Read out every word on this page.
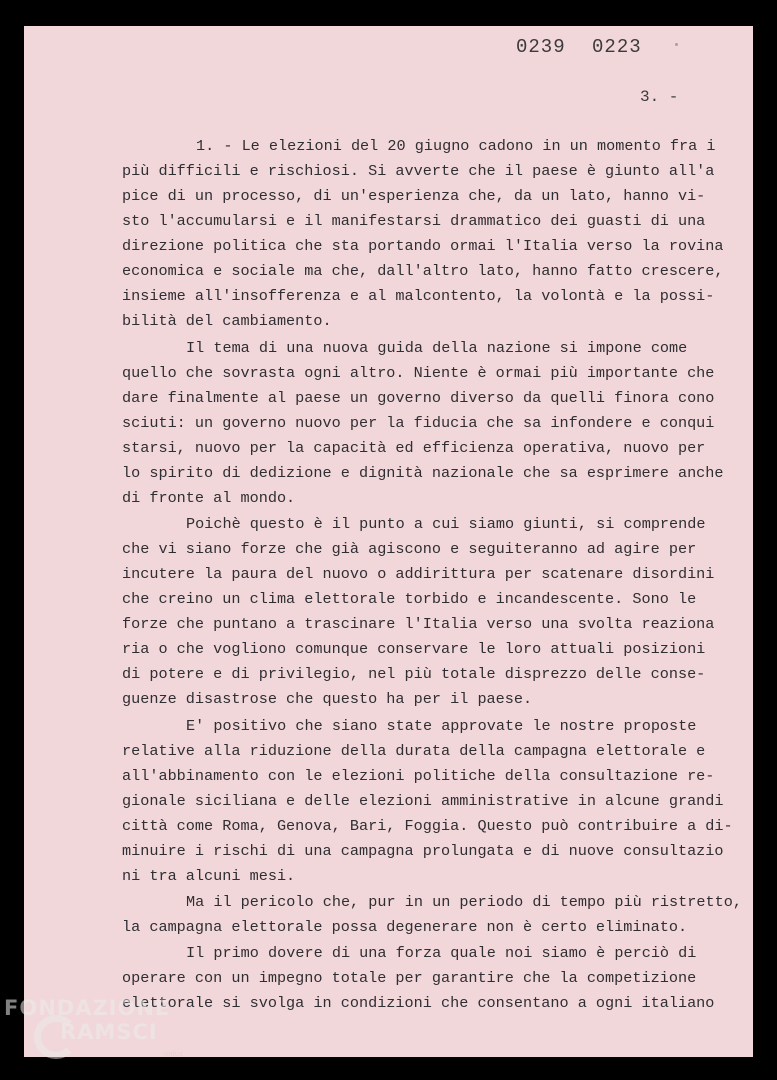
0239 0223
3. -
1. - Le elezioni del 20 giugno cadono in un momento fra i
più difficili e rischiosi. Si avverte che il paese è giunto all'a
pice di un processo, di un'esperienza che, da un lato, hanno vi-
sto l'accumularsi e il manifestarsi drammatico dei guasti di una
direzione politica che sta portando ormai l'Italia verso la rovina
economica e sociale ma che, dall'altro lato, hanno fatto crescere,
insieme all'insofferenza e al malcontento, la volontà e la possi-
bilità del cambiamento.
Il tema di una nuova guida della nazione si impone come
quello che sovrasta ogni altro. Niente è ormai più importante che
dare finalmente al paese un governo diverso da quelli finora cono
sciuti: un governo nuovo per la fiducia che sa infondere e conqui
starsi, nuovo per la capacità ed efficienza operativa, nuovo per
lo spirito di dedizione e dignità nazionale che sa esprimere anche
di fronte al mondo.
Poichè questo è il punto a cui siamo giunti, si comprende
che vi siano forze che già agiscono e seguiteranno ad agire per
incutere la paura del nuovo o addirittura per scatenare disordini
che creino un clima elettorale torbido e incandescente. Sono le
forze che puntano a trascinare l'Italia verso una svolta reaziona
ria o che vogliono comunque conservare le loro attuali posizioni
di potere e di privilegio, nel più totale disprezzo delle conse-
guenze disastrose che questo ha per il paese.
E' positivo che siano state approvate le nostre proposte
relative alla riduzione della durata della campagna elettorale e
all'abbinamento con le elezioni politiche della consultazione re-
gionale siciliana e delle elezioni amministrative in alcune grandi
città come Roma, Genova, Bari, Foggia. Questo può contribuire a di-
minuire i rischi di una campagna prolungata e di nuove consultazio
ni tra alcuni mesi.
Ma il pericolo che, pur in un periodo di tempo più ristretto,
la campagna elettorale possa degenerare non è certo eliminato.
Il primo dovere di una forza quale noi siamo è perciò di
operare con un impegno totale per garantire che la competizione
elettorale si svolga in condizioni che consentano a ogni italiano
FONDAZIONE
RAMSCI
onlus
